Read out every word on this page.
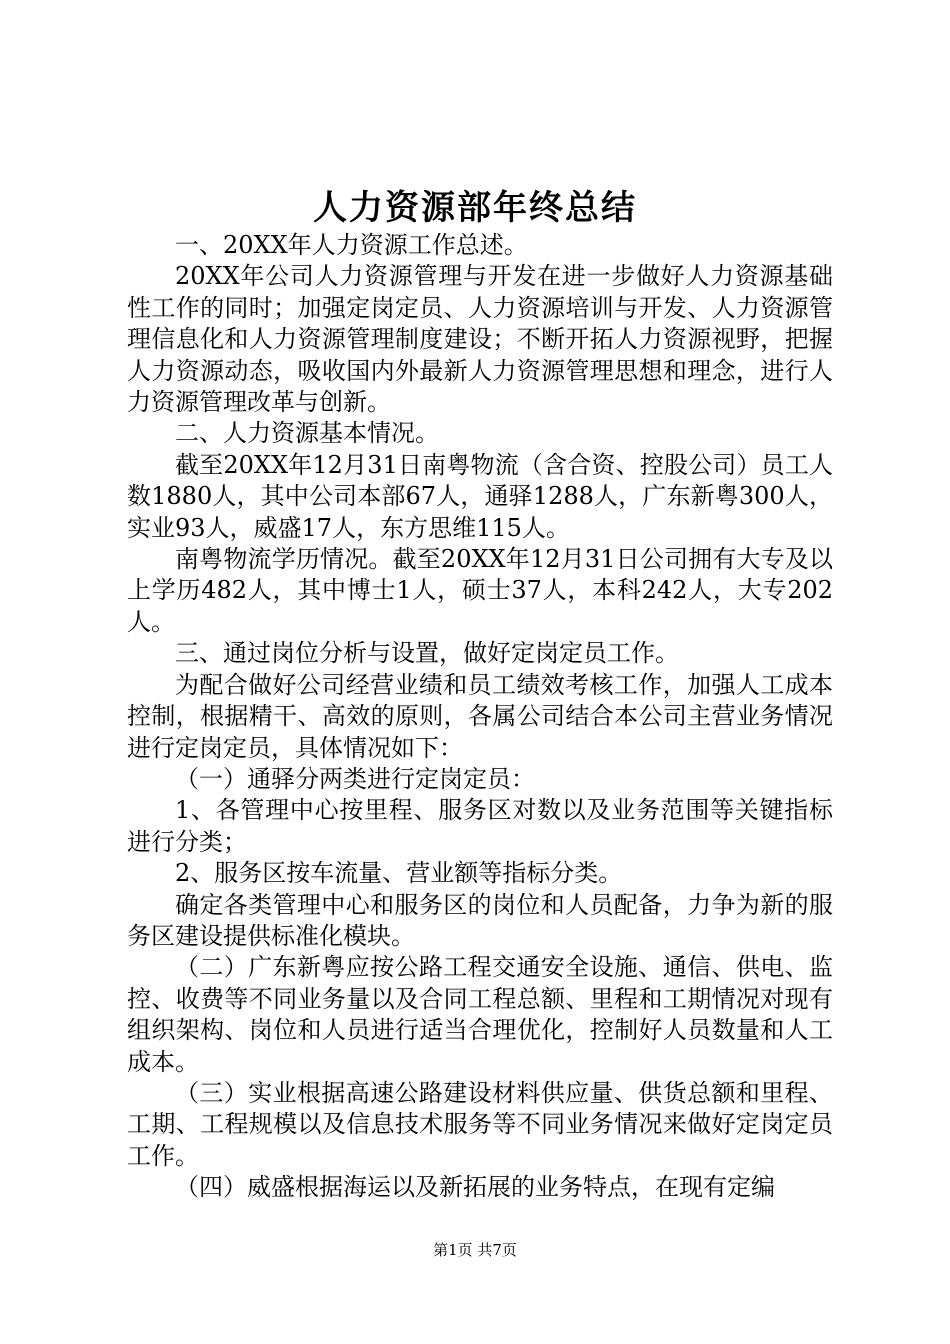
人力资源部年终总结

一、20XX年人力资源工作总述。

20XX年公司人力资源管理与开发在进一步做好人力资源基础性工作的同时；加强定岗定员、人力资源培训与开发、人力资源管理信息化和人力资源管理制度建设；不断开拓人力资源视野，把握人力资源动态，吸收国内外最新人力资源管理思想和理念，进行人力资源管理改革与创新。

二、人力资源基本情况。

截至20XX年12月31日南粤物流（含合资、控股公司）员工人数1880人，其中公司本部67人，通驿1288人，广东新粤300人，实业93人，威盛17人，东方思维115人。

南粤物流学历情况。截至20XX年12月31日公司拥有大专及以上学历482人，其中博士1人，硕士37人，本科242人，大专202人。

三、通过岗位分析与设置，做好定岗定员工作。

为配合做好公司经营业绩和员工绩效考核工作，加强人工成本控制，根据精干、高效的原则，各属公司结合本公司主营业务情况进行定岗定员，具体情况如下：

（一）通驿分两类进行定岗定员：

1、各管理中心按里程、服务区对数以及业务范围等关键指标进行分类；

2、服务区按车流量、营业额等指标分类。

确定各类管理中心和服务区的岗位和人员配备，力争为新的服务区建设提供标准化模块。

（二）广东新粤应按公路工程交通安全设施、通信、供电、监控、收费等不同业务量以及合同工程总额、里程和工期情况对现有组织架构、岗位和人员进行适当合理优化，控制好人员数量和人工成本。

（三）实业根据高速公路建设材料供应量、供货总额和里程、工期、工程规模以及信息技术服务等不同业务情况来做好定岗定员工作。

（四）威盛根据海运以及新拓展的业务特点，在现有定编

第1页 共7页
